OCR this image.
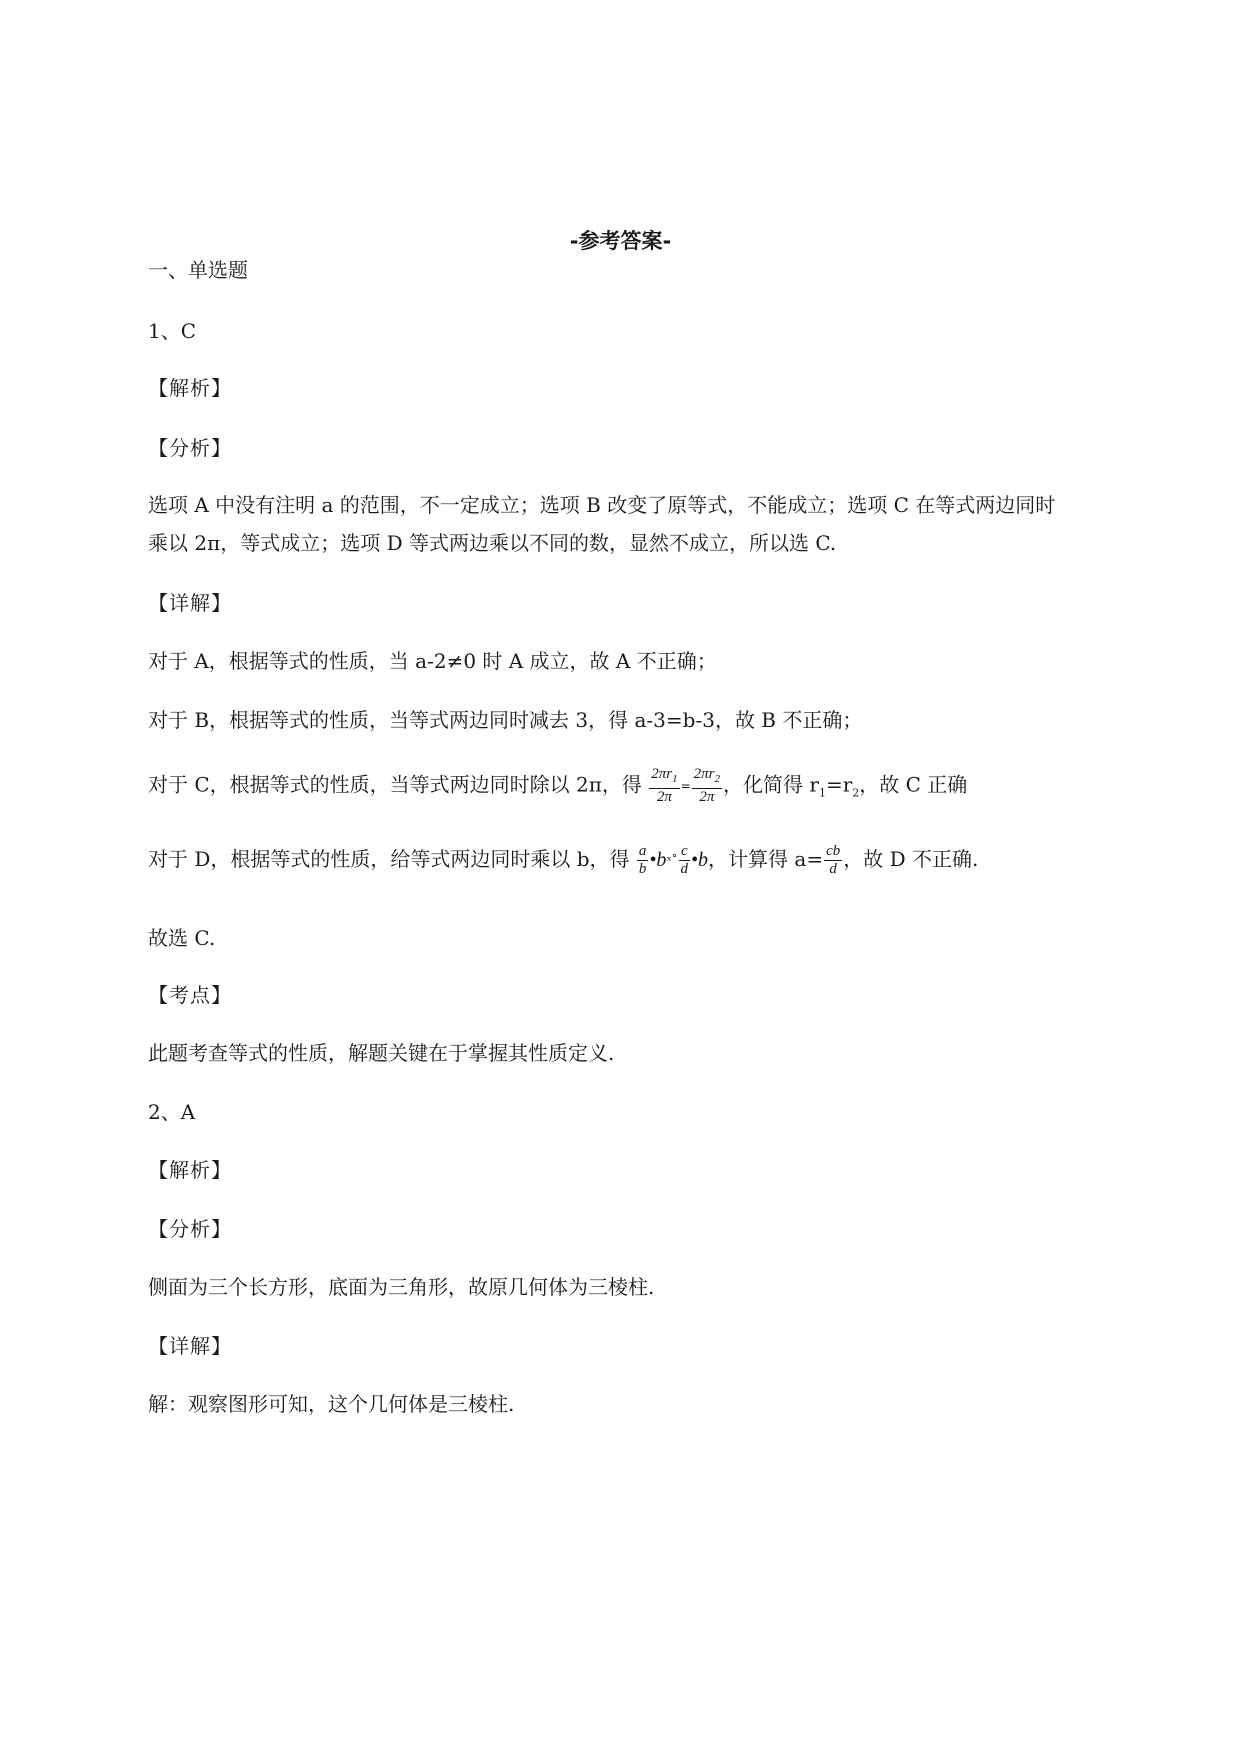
-参考答案-
一、单选题
1、C
【解析】
【分析】
选项 A 中没有注明 a 的范围，不一定成立；选项 B 改变了原等式，不能成立；选项 C 在等式两边同时
乘以 2π，等式成立；选项 D 等式两边乘以不同的数，显然不成立，所以选 C.
【详解】
对于 A，根据等式的性质，当 a-2≠0 时 A 成立，故 A 不正确；
对于 B，根据等式的性质，当等式两边同时减去 3，得 a-3=b-3，故 B 不正确；
对于 C，根据等式的性质，当等式两边同时除以 2π，得 $\frac{2\pi r_1}{2\pi} = \frac{2\pi r_2}{2\pi}$ ，化简得 $r_1=r_2$，故 C 正确
对于 D，根据等式的性质，给等式两边同时乘以 b，得 $\frac{a}{b}$ •bˣ˚ $\frac{c}{d}$ •b，计算得 $a= \frac{cb}{d}$ ，故 D 不正确.
故选 C.
【考点】
此题考查等式的性质，解题关键在于掌握其性质定义.
2、A
【解析】
【分析】
侧面为三个长方形，底面为三角形，故原几何体为三棱柱.
【详解】
解：观察图形可知，这个几何体是三棱柱.
